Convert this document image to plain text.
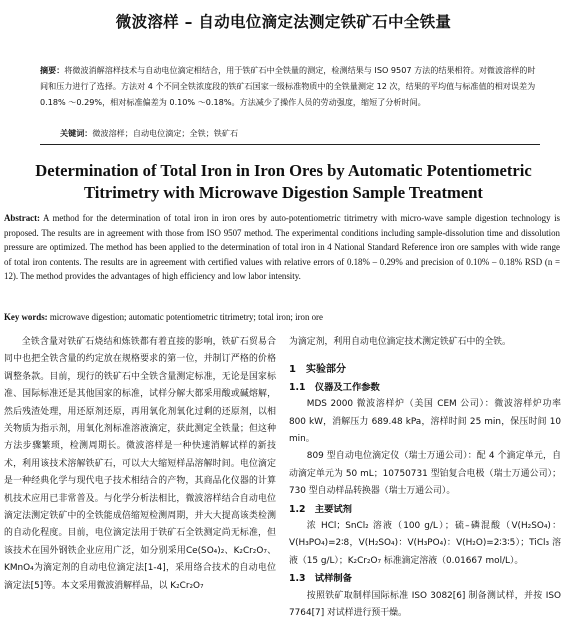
微波溶样 – 自动电位滴定法测定铁矿石中全铁量
摘要：将微波消解溶样技术与自动电位滴定相结合，用于铁矿石中全铁量的测定，检测结果与 ISO 9507 方法的结果相符。对微波溶样的时间和压力进行了选择。方法对 4 个不同全铁浓度段的铁矿石国家一级标准物质中的全铁量测定 12 次，结果的平均值与标准值的相对误差为 0.18% ～0.29%，相对标准偏差为 0.10% ～0.18%。方法减少了操作人员的劳动强度，缩短了分析时间。
关键词：微波溶样；自动电位滴定；全铁；铁矿石
Determination of Total Iron in Iron Ores by Automatic Potentiometric Titrimetry with Microwave Digestion Sample Treatment
Abstract: A method for the determination of total iron in iron ores by auto-potentiometric titrimetry with micro-wave sample digestion technology is proposed. The results are in agreement with those from ISO 9507 method. The experimental conditions including sample-dissolution time and dissolution pressure are optimized. The method has been applied to the determination of total iron in 4 National Standard Reference iron ore samples with wide range of total iron contents. The results are in agreement with certified values with relative errors of 0.18% – 0.29% and precision of 0.10% – 0.18% RSD (n = 12). The method provides the advantages of high efficiency and low labor intensity.
Key words: microwave digestion; automatic potentiometric titrimetry; total iron; iron ore
全铁含量对铁矿石烧结和炼铁都有着直接的影响，铁矿石贸易合同中也把全铁含量的约定放在规格要求的第一位，并制订严格的价格调整条款。目前，现行的铁矿石中全铁含量测定标准，无论是国家标准、国际标准还是其他国家的标准，试样分解大都采用酸或碱熔解，然后残渣处理，用还原剂还原，再用氧化剂氧化过剩的还原剂，以相关物质为指示剂，用氧化剂标准溶液滴定，获此测定全铁量；但这种方法步骤繁琐，检测周期长。微波溶样是一种快速消解试样的新技术，利用该技术溶解铁矿石，可以大大缩短样品溶解时间。电位滴定是一种经典化学与现代电子技术相结合的产物，其商品化仪器的计算机技术应用已非常普及。与化学分析法相比，微波溶样结合自动电位滴定法测定铁矿中的全铁能成倍缩短检测周期，并大大提高该类检测的自动化程度。目前，电位滴定法用于铁矿石全铁测定尚无标准，但该技术在国外钢铁企业应用广泛，如分别采用Ce(SO₄)₂、K₂Cr₂O₇、KMnO₄为滴定剂的自动电位滴定法[1-4]，采用络合技术的自动电位滴定法[5]等。本文采用微波消解样品，以 K₂Cr₂O₇

为滴定剂，利用自动电位滴定技术测定铁矿石中的全铁。

1　实验部分

1.1　仪器及工作参数

MDS 2000 微波溶样炉（美国 CEM 公司）：微波溶样炉功率 800 kW，消解压力 689.48 kPa，溶样时间 25 min，保压时间 10 min。

809 型自动电位滴定仪（瑞士万通公司）：配 4 个滴定单元，自动滴定单元为 50 mL；10750731 型铂复合电极（瑞士万通公司）；730 型自动样品转换器（瑞士万通公司）。

1.2　主要试剂

浓 HCl；SnCl₂ 溶液（100 g/L）；硫–磷混酸（V(H₂SO₄)：V(H₃PO₄)=2∶8，V(H₂SO₄)：V(H₃PO₄)：V(H₂O)=2∶3∶5）；TiCl₃ 溶液（15 g/L）；K₂Cr₂O₇ 标准滴定溶液（0.01667 mol/L）。

1.3　试样制备

按照铁矿取制样国际标准 ISO 3082[6] 制备测试样，并按 ISO 7764[7] 对试样进行预干燥。
